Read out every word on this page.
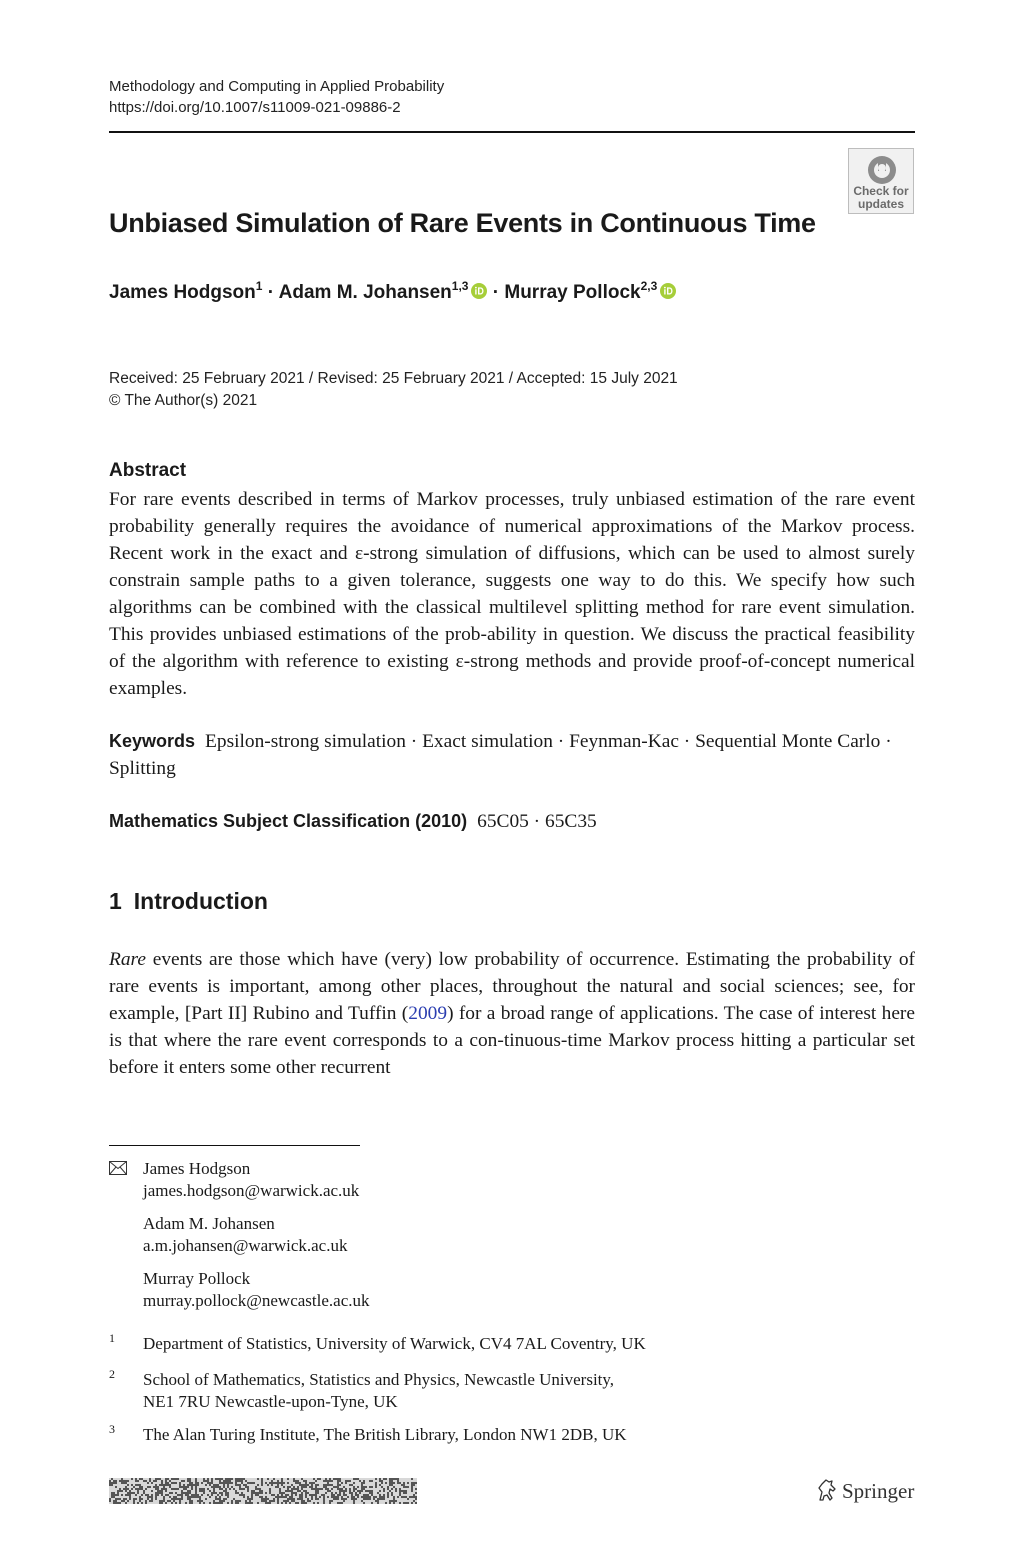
Methodology and Computing in Applied Probability
https://doi.org/10.1007/s11009-021-09886-2
Check for
updates
Unbiased Simulation of Rare Events in Continuous Time
James Hodgson$^1$ · Adam M. Johansen$^{1,3}$ · Murray Pollock$^{2,3}$
Received: 25 February 2021 / Revised: 25 February 2021 / Accepted: 15 July 2021
© The Author(s) 2021
Abstract
For rare events described in terms of Markov processes, truly unbiased estimation of the rare event probability generally requires the avoidance of numerical approximations of the Markov process. Recent work in the exact and ε-strong simulation of diffusions, which can be used to almost surely constrain sample paths to a given tolerance, suggests one way to do this. We specify how such algorithms can be combined with the classical multilevel splitting method for rare event simulation. This provides unbiased estimations of the prob-ability in question. We discuss the practical feasibility of the algorithm with reference to existing ε-strong methods and provide proof-of-concept numerical examples.
Keywords Epsilon-strong simulation · Exact simulation · Feynman-Kac · Sequential Monte Carlo · Splitting
Mathematics Subject Classification (2010) 65C05 · 65C35
1 Introduction
Rare events are those which have (very) low probability of occurrence. Estimating the probability of rare events is important, among other places, throughout the natural and social sciences; see, for example, [Part II] Rubino and Tuffin (2009) for a broad range of applications. The case of interest here is that where the rare event corresponds to a con-tinuous-time Markov process hitting a particular set before it enters some other recurrent
James Hodgson
james.hodgson@warwick.ac.uk
Adam M. Johansen
a.m.johansen@warwick.ac.uk
Murray Pollock
murray.pollock@newcastle.ac.uk
1 Department of Statistics, University of Warwick, CV4 7AL Coventry, UK
2 School of Mathematics, Statistics and Physics, Newcastle University,
NE1 7RU Newcastle-upon-Tyne, UK
3 The Alan Turing Institute, The British Library, London NW1 2DB, UK
Springer
